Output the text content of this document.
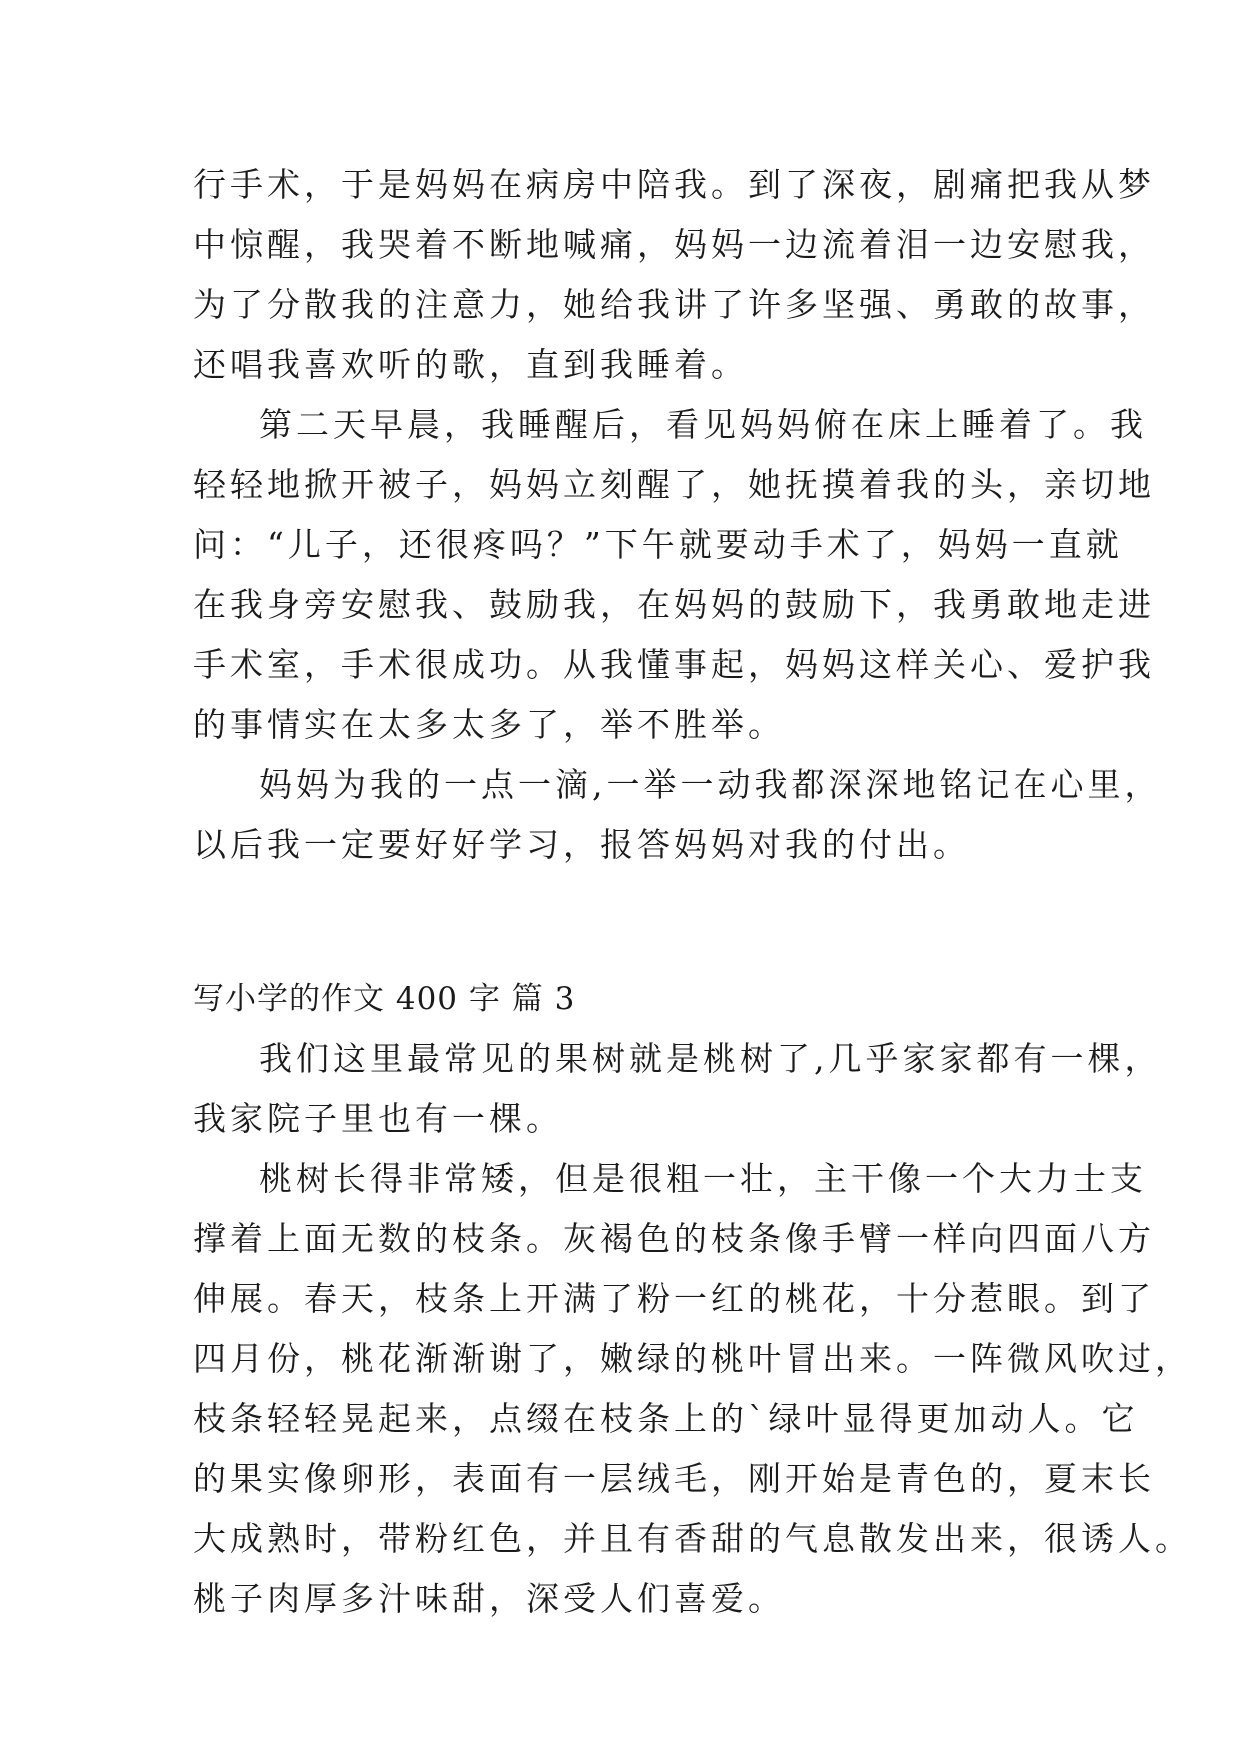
行手术，于是妈妈在病房中陪我。到了深夜，剧痛把我从梦
中惊醒，我哭着不断地喊痛，妈妈一边流着泪一边安慰我，
为了分散我的注意力，她给我讲了许多坚强、勇敢的故事，
还唱我喜欢听的歌，直到我睡着。
第二天早晨，我睡醒后，看见妈妈俯在床上睡着了。我
轻轻地掀开被子，妈妈立刻醒了，她抚摸着我的头，亲切地
问：“儿子，还很疼吗？”下午就要动手术了，妈妈一直就
在我身旁安慰我、鼓励我，在妈妈的鼓励下，我勇敢地走进
手术室，手术很成功。从我懂事起，妈妈这样关心、爱护我
的事情实在太多太多了，举不胜举。
妈妈为我的一点一滴,一举一动我都深深地铭记在心里，
以后我一定要好好学习，报答妈妈对我的付出。
写小学的作文 400 字 篇 3
我们这里最常见的果树就是桃树了,几乎家家都有一棵，
我家院子里也有一棵。
桃树长得非常矮，但是很粗一壮，主干像一个大力士支
撑着上面无数的枝条。灰褐色的枝条像手臂一样向四面八方
伸展。春天，枝条上开满了粉一红的桃花，十分惹眼。到了
四月份，桃花渐渐谢了，嫩绿的桃叶冒出来。一阵微风吹过，
枝条轻轻晃起来，点缀在枝条上的`绿叶显得更加动人。它
的果实像卵形，表面有一层绒毛，刚开始是青色的，夏末长
大成熟时，带粉红色，并且有香甜的气息散发出来，很诱人。
桃子肉厚多汁味甜，深受人们喜爱。
